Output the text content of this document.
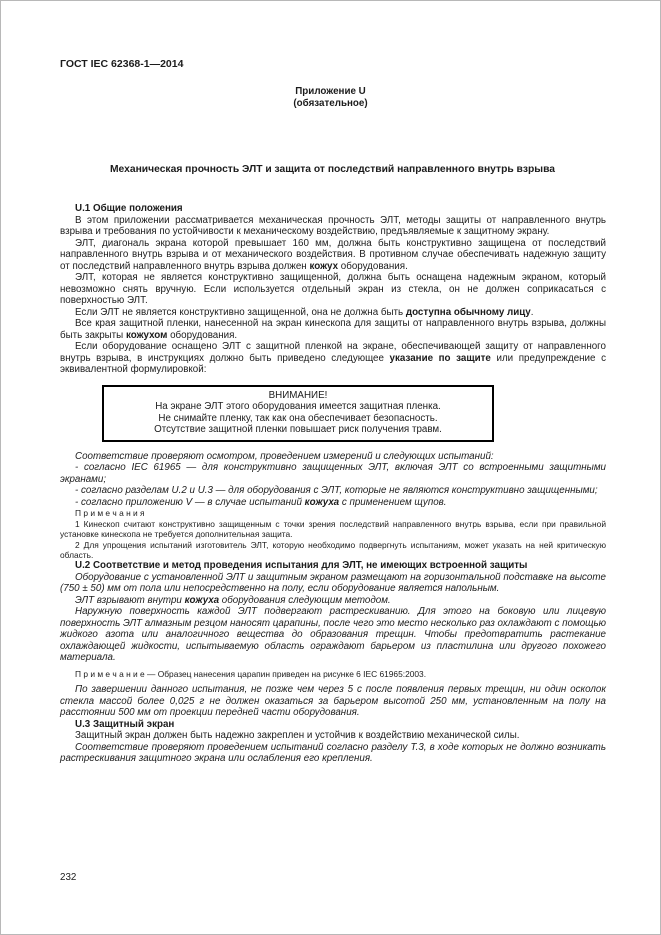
ГОСТ IEC 62368-1—2014
Приложение U
(обязательное)
Механическая прочность ЭЛТ и защита от последствий направленного внутрь взрыва

U.1 Общие положения

В этом приложении рассматривается механическая прочность ЭЛТ, методы защиты от направленного внутрь взрыва и требования по устойчивости к механическому воздействию, предъявляемые к защитному экрану.

ЭЛТ, диагональ экрана которой превышает 160 мм, должна быть конструктивно защищена от последствий направленного внутрь взрыва и от механического воздействия. В противном случае обеспечивать надежную защиту от последствий направленного внутрь взрыва должен кожух оборудования.

ЭЛТ, которая не является конструктивно защищенной, должна быть оснащена надежным экраном, который невозможно снять вручную. Если используется отдельный экран из стекла, он не должен соприкасаться с поверхностью ЭЛТ.

Если ЭЛТ не является конструктивно защищенной, она не должна быть доступна обычному лицу.

Все края защитной пленки, нанесенной на экран кинескопа для защиты от направленного внутрь взрыва, должны быть закрыты кожухом оборудования.

Если оборудование оснащено ЭЛТ с защитной пленкой на экране, обеспечивающей защиту от направленного внутрь взрыва, в инструкциях должно быть приведено следующее указание по защите или предупреждение с эквивалентной формулировкой:

ВНИМАНИЕ!
На экране ЭЛТ этого оборудования имеется защитная пленка.
Не снимайте пленку, так как она обеспечивает безопасность.
Отсутствие защитной пленки повышает риск получения травм.

Соответствие проверяют осмотром, проведением измерений и следующих испытаний:

- согласно IEC 61965 — для конструктивно защищенных ЭЛТ, включая ЭЛТ со встроенными защитными экранами;

- согласно разделам U.2 и U.3 — для оборудования с ЭЛТ, которые не являются конструктивно защищенными;

- согласно приложению V — в случае испытаний кожуха с применением щупов.

П р и м е ч а н и я

1 Кинескоп считают конструктивно защищенным с точки зрения последствий направленного внутрь взрыва, если при правильной установке кинескопа не требуется дополнительная защита.

2 Для упрощения испытаний изготовитель ЭЛТ, которую необходимо подвергнуть испытаниям, может указать на ней критическую область.

U.2 Соответствие и метод проведения испытания для ЭЛТ, не имеющих встроенной защиты

Оборудование с установленной ЭЛТ и защитным экраном размещают на горизонтальной подставке на высоте (750 ± 50) мм от пола или непосредственно на полу, если оборудование является напольным.

ЭЛТ взрывают внутри кожуха оборудования следующим методом.

Наружную поверхность каждой ЭЛТ подвергают растрескиванию. Для этого на боковую или лицевую поверхность ЭЛТ алмазным резцом наносят царапины, после чего это место несколько раз охлаждают с помощью жидкого азота или аналогичного вещества до образования трещин. Чтобы предотвратить растекание охлаждающей жидкости, испытываемую область ограждают барьером из пластилина или другого похожего материала.

П р и м е ч а н и е — Образец нанесения царапин приведен на рисунке 6 IEC 61965:2003.

По завершении данного испытания, не позже чем через 5 с после появления первых трещин, ни один осколок стекла массой более 0,025 г не должен оказаться за барьером высотой 250 мм, установленным на полу на расстоянии 500 мм от проекции передней части оборудования.

U.3 Защитный экран

Защитный экран должен быть надежно закреплен и устойчив к воздействию механической силы.

Соответствие проверяют проведением испытаний согласно разделу T.3, в ходе которых не должно возникать растрескивания защитного экрана или ослабления его крепления.

232
